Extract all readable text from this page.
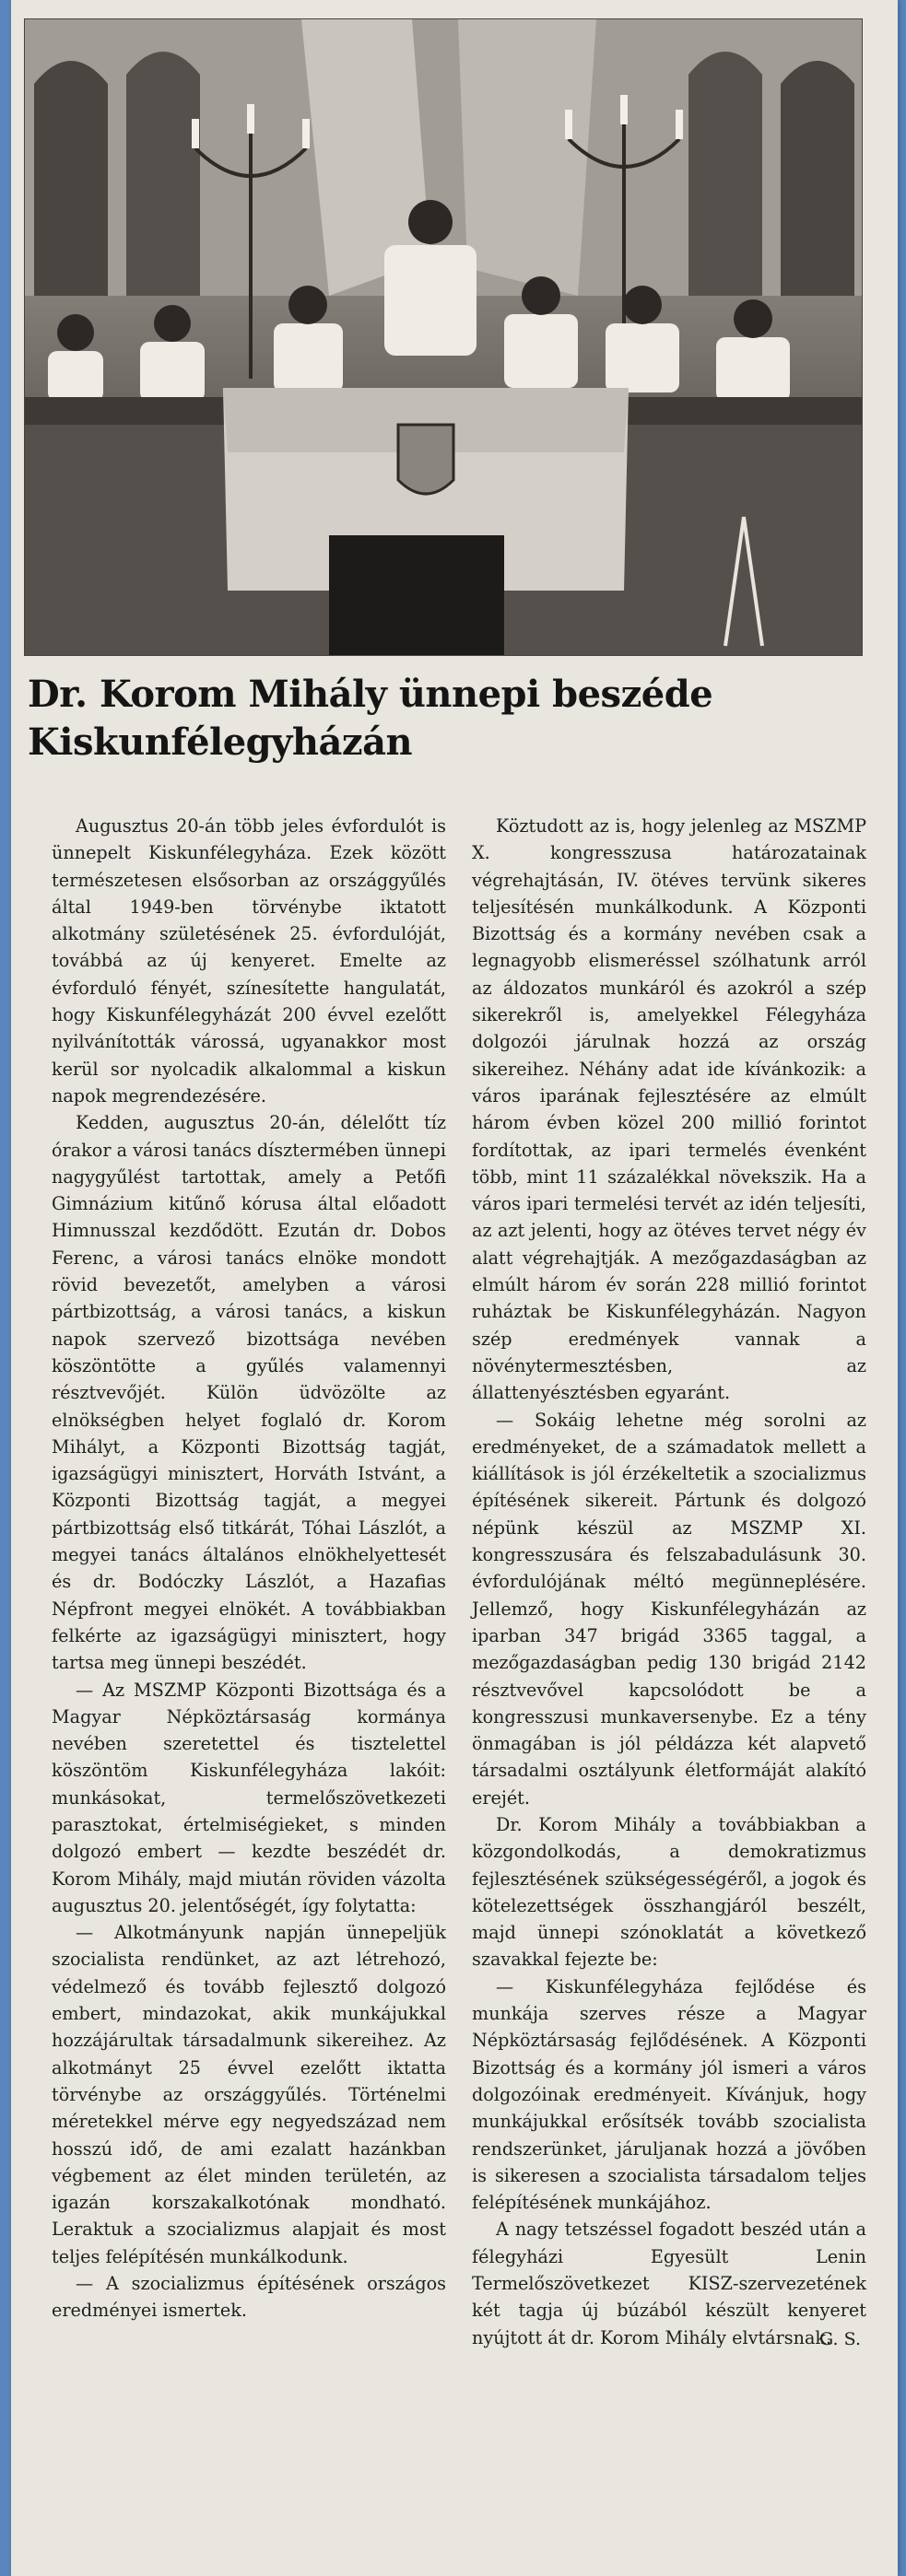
Dr. Korom Mihály ünnepi beszéde Kiskunfélegyházán

Augusztus 20-án több jeles évfordulót is ünnepelt Kiskunfélegyháza. Ezek között természetesen elsősorban az országgyűlés által 1949-ben törvénybe iktatott alkotmány születésének 25. évfordulóját, továbbá az új kenyeret. Emelte az évforduló fényét, színesítette hangulatát, hogy Kiskunfélegyházát 200 évvel ezelőtt nyilvánították várossá, ugyanakkor most kerül sor nyolcadik alkalommal a kiskun napok megrendezésére.

Kedden, augusztus 20-án, délelőtt tíz órakor a városi tanács dísztermében ünnepi nagygyűlést tartottak, amely a Petőfi Gimnázium kitűnő kórusa által előadott Himnusszal kezdődött. Ezután dr. Dobos Ferenc, a városi tanács elnöke mondott rövid bevezetőt, amelyben a városi pártbizottság, a városi tanács, a kiskun napok szervező bizottsága nevében köszöntötte a gyűlés valamennyi résztvevőjét. Külön üdvözölte az elnökségben helyet foglaló dr. Korom Mihályt, a Központi Bizottság tagját, igazságügyi minisztert, Horváth Istvánt, a Központi Bizottság tagját, a megyei pártbizottság első titkárát, Tóhai Lászlót, a megyei tanács általános elnökhelyettesét és dr. Bodóczky Lászlót, a Hazafias Népfront megyei elnökét. A továbbiakban felkérte az igazságügyi minisztert, hogy tartsa meg ünnepi beszédét.

— Az MSZMP Központi Bizottsága és a Magyar Népköztársaság kormánya nevében szeretettel és tisztelettel köszöntöm Kiskunfélegyháza lakóit: munkásokat, termelőszövetkezeti parasztokat, értelmiségieket, s minden dolgozó embert — kezdte beszédét dr. Korom Mihály, majd miután röviden vázolta augusztus 20. jelentőségét, így folytatta:

— Alkotmányunk napján ünnepeljük szocialista rendünket, az azt létrehozó, védelmező és tovább fejlesztő dolgozó embert, mindazokat, akik munkájukkal hozzájárultak társadalmunk sikereihez. Az alkotmányt 25 évvel ezelőtt iktatta törvénybe az országgyűlés. Történelmi méretekkel mérve egy negyedszázad nem hosszú idő, de ami ezalatt hazánkban végbement az élet minden területén, az igazán korszakalkotónak mondható. Leraktuk a szocializmus alapjait és most teljes felépítésén munkálkodunk.

— A szocializmus építésének országos eredményei ismertek.

Köztudott az is, hogy jelenleg az MSZMP X. kongresszusa határozatainak végrehajtásán, IV. ötéves tervünk sikeres teljesítésén munkálkodunk. A Központi Bizottság és a kormány nevében csak a legnagyobb elismeréssel szólhatunk arról az áldozatos munkáról és azokról a szép sikerekről is, amelyekkel Félegyháza dolgozói járulnak hozzá az ország sikereihez. Néhány adat ide kívánkozik: a város iparának fejlesztésére az elmúlt három évben közel 200 millió forintot fordítottak, az ipari termelés évenként több, mint 11 százalékkal növekszik. Ha a város ipari termelési tervét az idén teljesíti, az azt jelenti, hogy az ötéves tervet négy év alatt végrehajtják. A mezőgazdaságban az elmúlt három év során 228 millió forintot ruháztak be Kiskunfélegyházán. Nagyon szép eredmények vannak a növénytermesztésben, az állattenyésztésben egyaránt.

— Sokáig lehetne még sorolni az eredményeket, de a számadatok mellett a kiállítások is jól érzékeltetik a szocializmus építésének sikereit. Pártunk és dolgozó népünk készül az MSZMP XI. kongresszusára és felszabadulásunk 30. évfordulójának méltó megünneplésére. Jellemző, hogy Kiskunfélegyházán az iparban 347 brigád 3365 taggal, a mezőgazdaságban pedig 130 brigád 2142 résztvevővel kapcsolódott be a kongresszusi munkaversenybe. Ez a tény önmagában is jól példázza két alapvető társadalmi osztályunk életformáját alakító erejét.

Dr. Korom Mihály a továbbiakban a közgondolkodás, a demokratizmus fejlesztésének szükségességéről, a jogok és kötelezettségek összhangjáról beszélt, majd ünnepi szónoklatát a következő szavakkal fejezte be:

— Kiskunfélegyháza fejlődése és munkája szerves része a Magyar Népköztársaság fejlődésének. A Központi Bizottság és a kormány jól ismeri a város dolgozóinak eredményeit. Kívánjuk, hogy munkájukkal erősítsék tovább szocialista rendszerünket, járuljanak hozzá a jövőben is sikeresen a szocialista társadalom teljes felépítésének munkájához.

A nagy tetszéssel fogadott beszéd után a félegyházi Egyesült Lenin Termelőszövetkezet KISZ-szervezetének két tagja új búzából készült kenyeret nyújtott át dr. Korom Mihály elvtársnak.

G. S.
